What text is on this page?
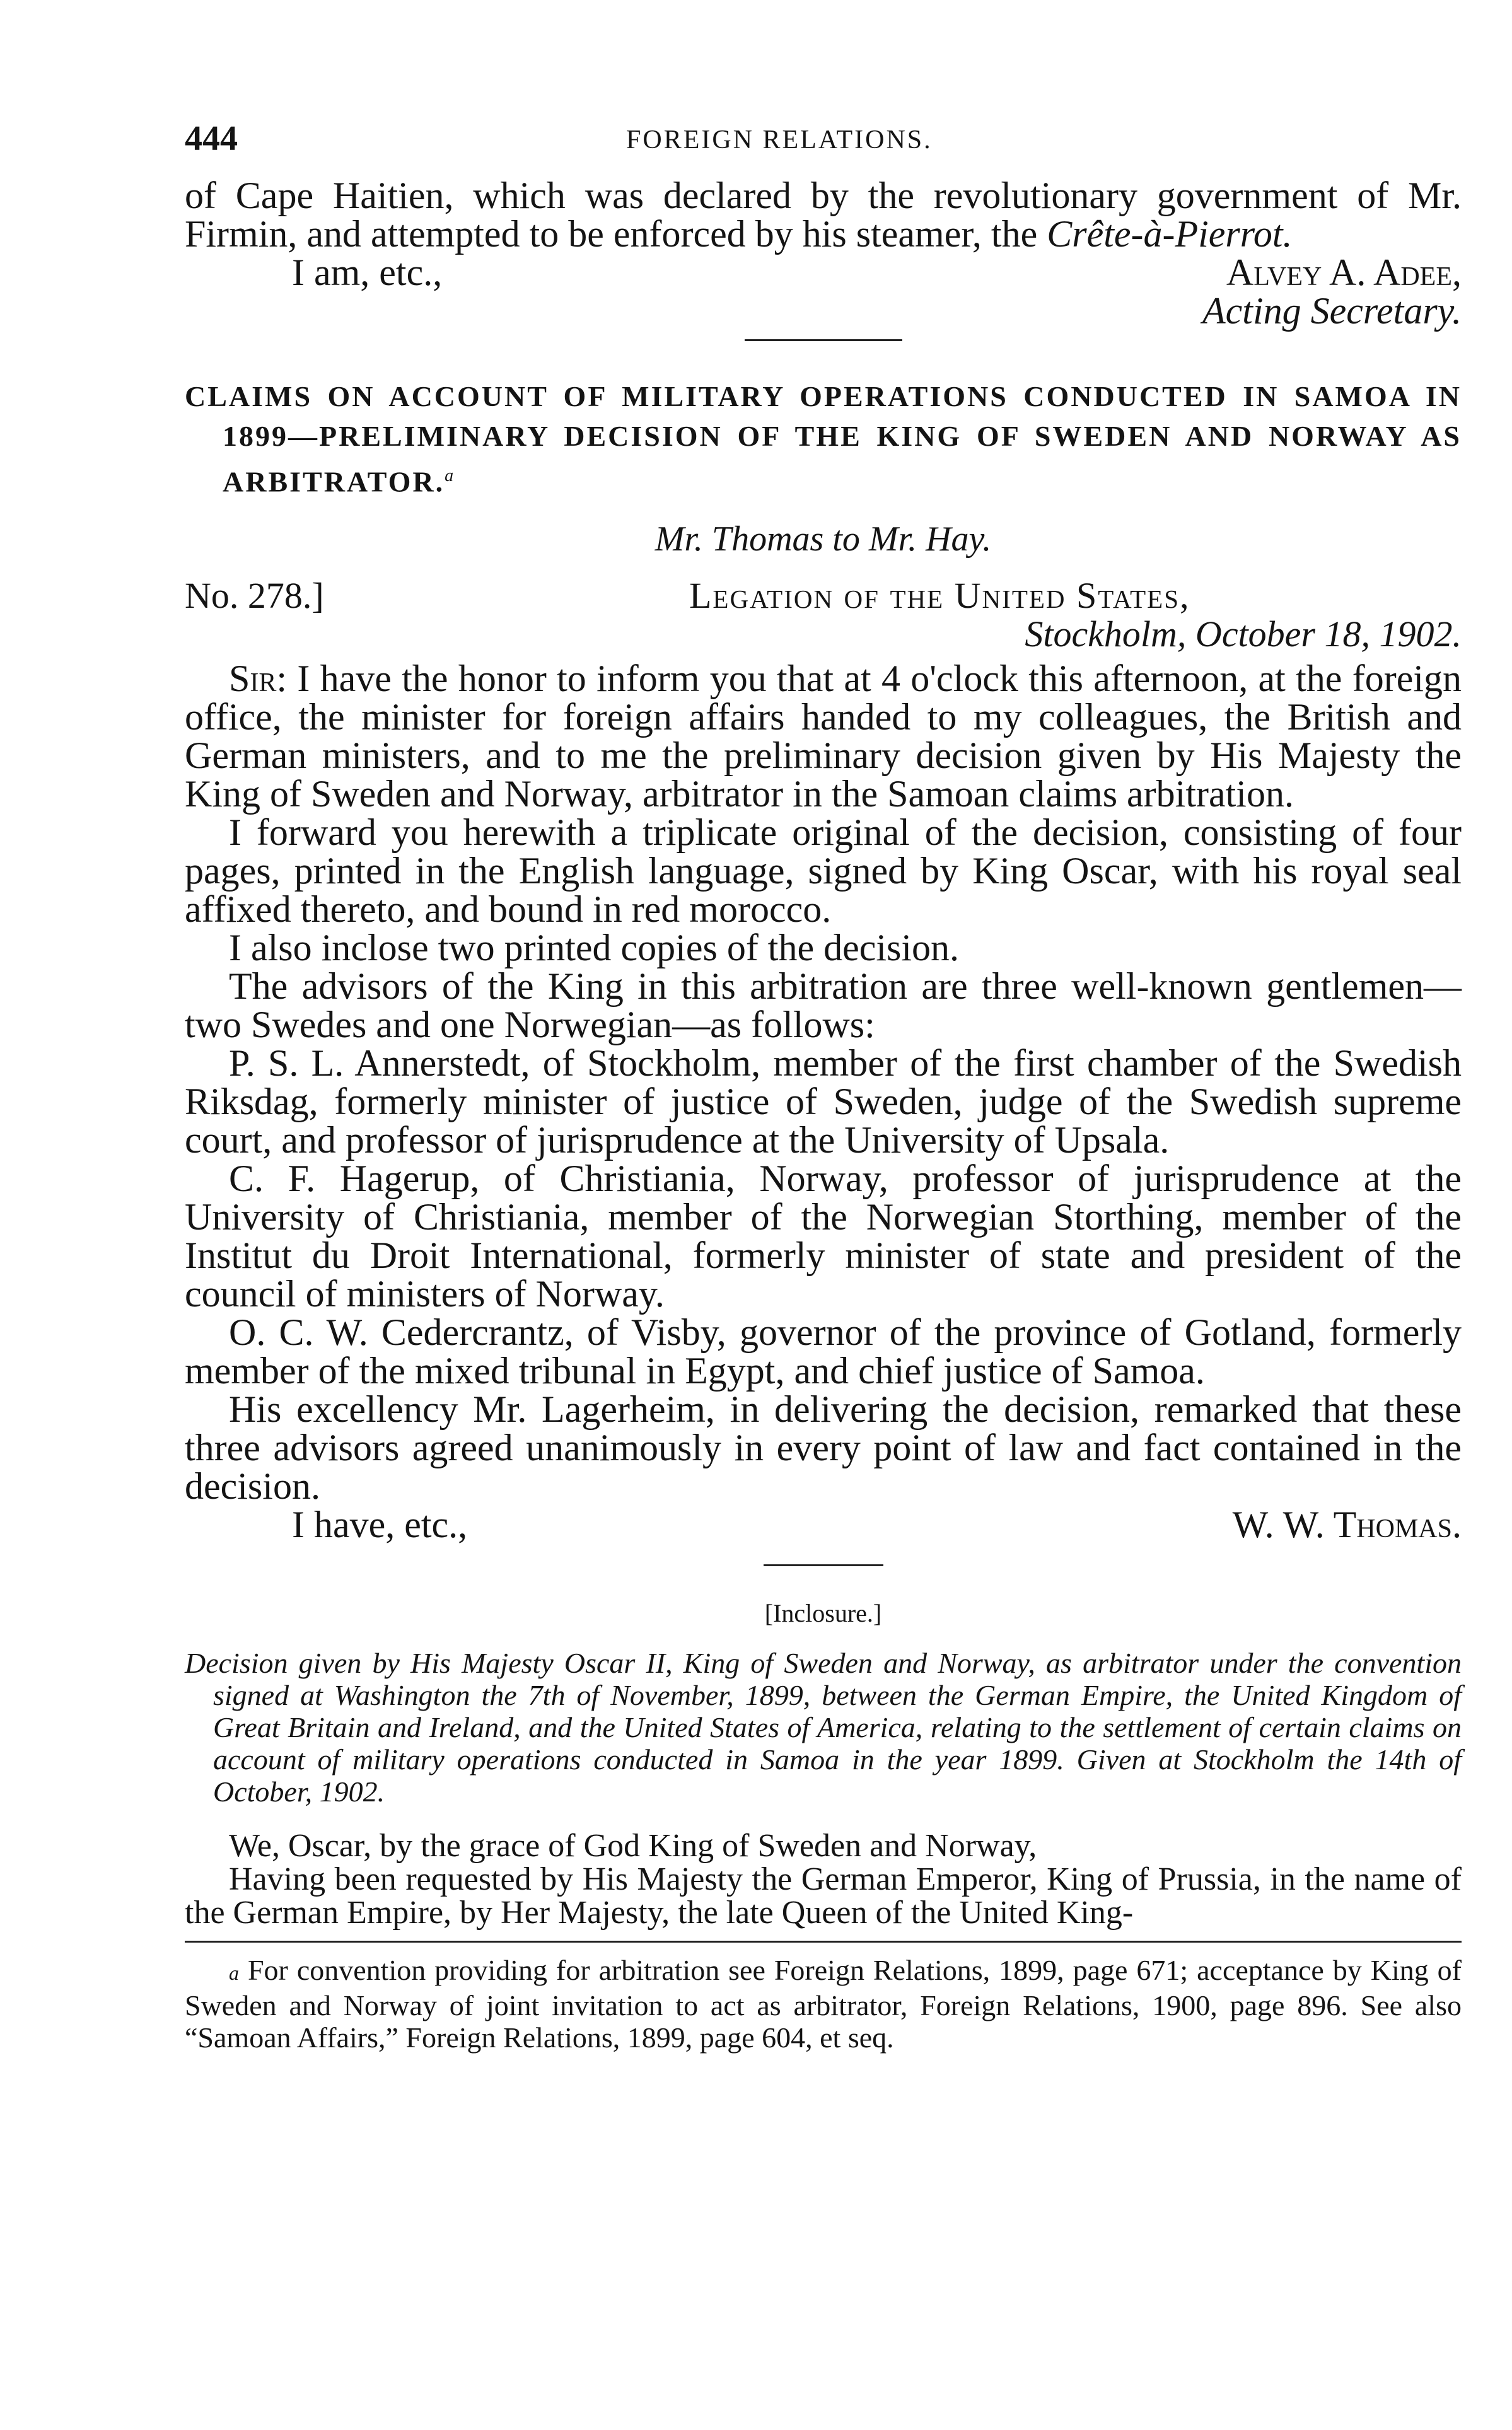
444	FOREIGN RELATIONS.

of Cape Haitien, which was declared by the revolutionary government of Mr. Firmin, and attempted to be enforced by his steamer, the Crête-à-Pierrot.

I am, etc.,	Alvey A. Adee,
Acting Secretary.

CLAIMS ON ACCOUNT OF MILITARY OPERATIONS CONDUCTED IN SAMOA IN 1899—PRELIMINARY DECISION OF THE KING OF SWEDEN AND NORWAY AS ARBITRATOR.$^a$

Mr. Thomas to Mr. Hay.
No. 278.]	Legation of the United States,
Stockholm, October 18, 1902.

Sir: I have the honor to inform you that at 4 o'clock this afternoon, at the foreign office, the minister for foreign affairs handed to my colleagues, the British and German ministers, and to me the preliminary decision given by His Majesty the King of Sweden and Norway, arbitrator in the Samoan claims arbitration.

I forward you herewith a triplicate original of the decision, consisting of four pages, printed in the English language, signed by King Oscar, with his royal seal affixed thereto, and bound in red morocco.

I also inclose two printed copies of the decision.

The advisors of the King in this arbitration are three well-known gentlemen—two Swedes and one Norwegian—as follows:

P. S. L. Annerstedt, of Stockholm, member of the first chamber of the Swedish Riksdag, formerly minister of justice of Sweden, judge of the Swedish supreme court, and professor of jurisprudence at the University of Upsala.

C. F. Hagerup, of Christiania, Norway, professor of jurisprudence at the University of Christiania, member of the Norwegian Storthing, member of the Institut du Droit International, formerly minister of state and president of the council of ministers of Norway.

O. C. W. Cedercrantz, of Visby, governor of the province of Gotland, formerly member of the mixed tribunal in Egypt, and chief justice of Samoa.

His excellency Mr. Lagerheim, in delivering the decision, remarked that these three advisors agreed unanimously in every point of law and fact contained in the decision.

I have, etc.,	W. W. Thomas.
[Inclosure.]

Decision given by His Majesty Oscar II, King of Sweden and Norway, as arbitrator under the convention signed at Washington the 7th of November, 1899, between the German Empire, the United Kingdom of Great Britain and Ireland, and the United States of America, relating to the settlement of certain claims on account of military operations conducted in Samoa in the year 1899. Given at Stockholm the 14th of October, 1902.

We, Oscar, by the grace of God King of Sweden and Norway,

Having been requested by His Majesty the German Emperor, King of Prussia, in the name of the German Empire, by Her Majesty, the late Queen of the United King-

a For convention providing for arbitration see Foreign Relations, 1899, page 671; acceptance by King of Sweden and Norway of joint invitation to act as arbitrator, Foreign Relations, 1900, page 896. See also “Samoan Affairs,” Foreign Relations, 1899, page 604, et seq.
